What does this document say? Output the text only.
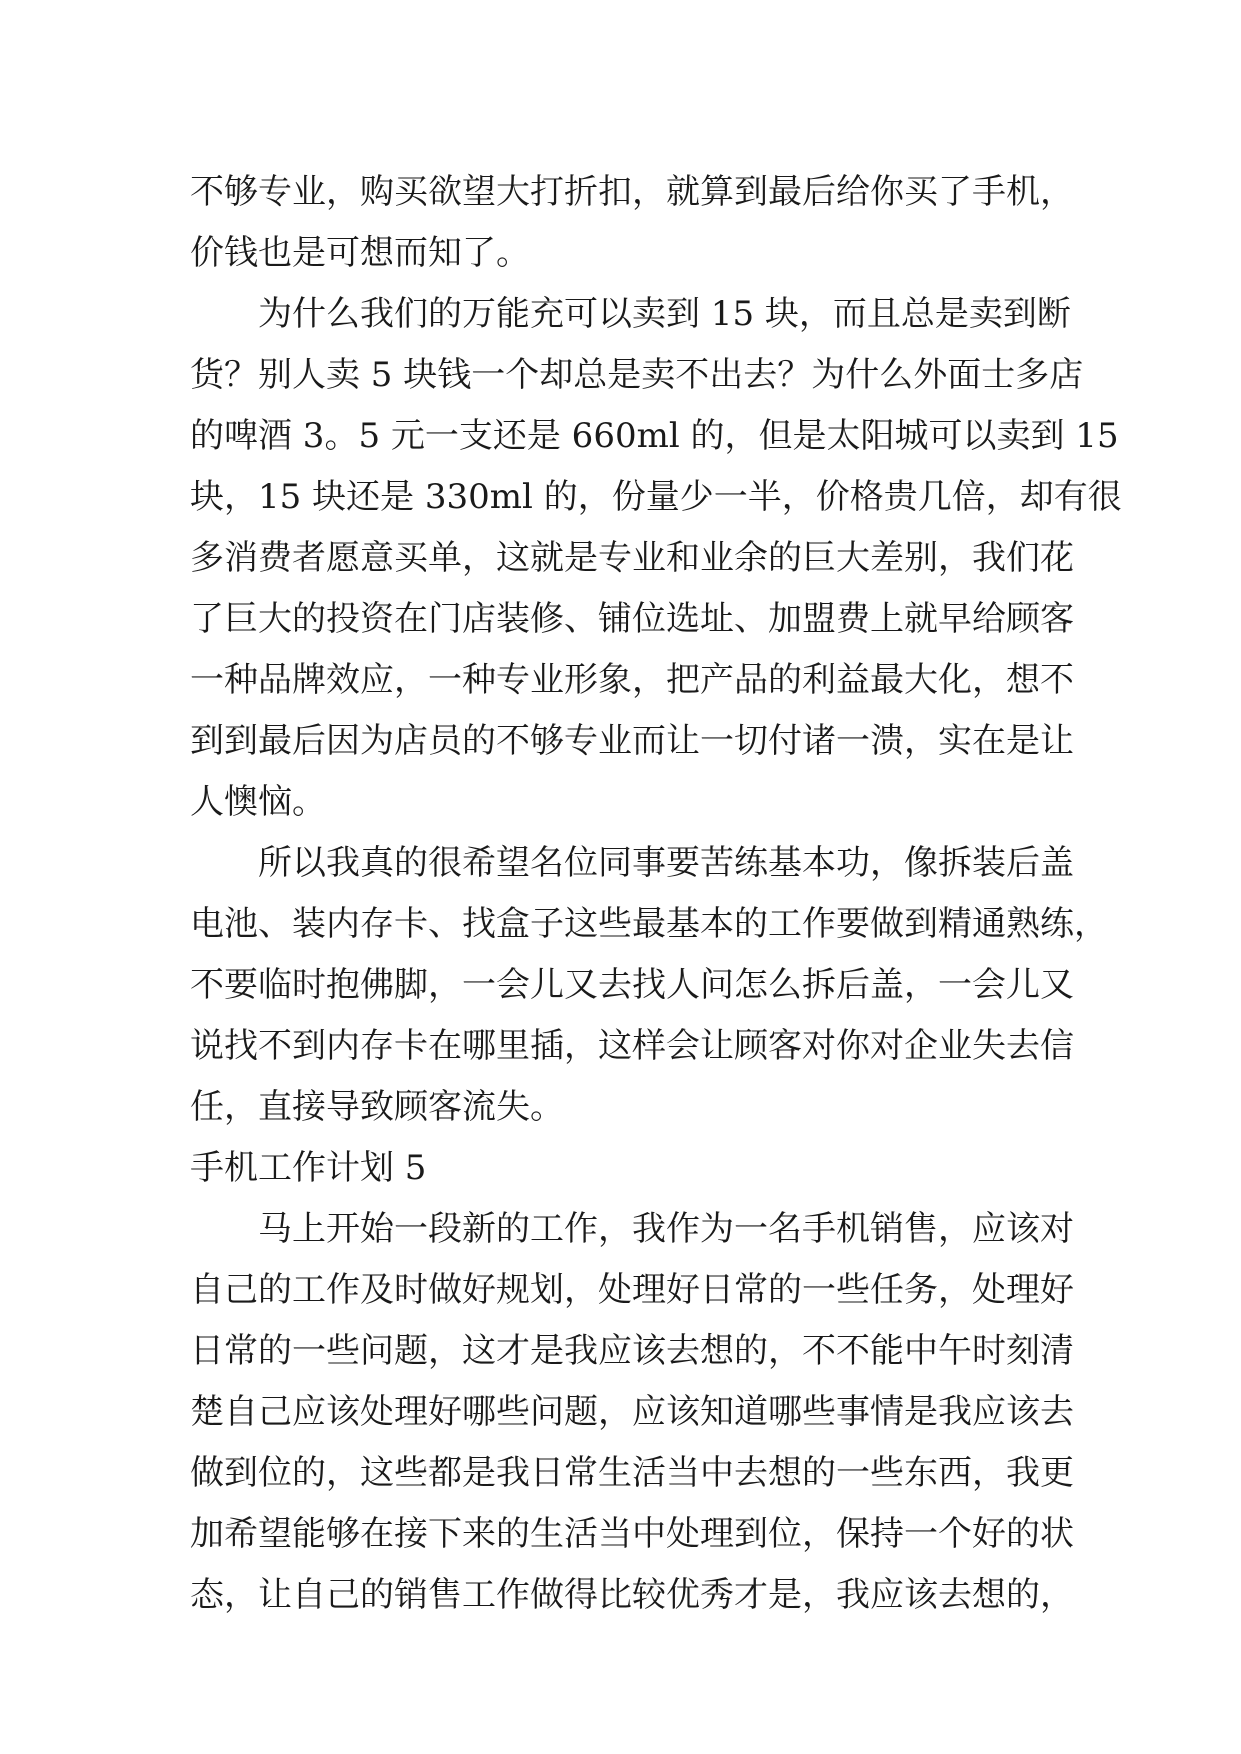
不够专业，购买欲望大打折扣，就算到最后给你买了手机，
价钱也是可想而知了。
为什么我们的万能充可以卖到 15 块，而且总是卖到断
货？别人卖 5 块钱一个却总是卖不出去？为什么外面士多店
的啤酒 3。5 元一支还是 660ml 的，但是太阳城可以卖到 15
块，15 块还是 330ml 的，份量少一半，价格贵几倍，却有很
多消费者愿意买单，这就是专业和业余的巨大差别，我们花
了巨大的投资在门店装修、铺位选址、加盟费上就早给顾客
一种品牌效应，一种专业形象，把产品的利益最大化，想不
到到最后因为店员的不够专业而让一切付诸一溃，实在是让
人懊恼。
所以我真的很希望名位同事要苦练基本功，像拆装后盖
电池、装内存卡、找盒子这些最基本的工作要做到精通熟练，
不要临时抱佛脚，一会儿又去找人问怎么拆后盖，一会儿又
说找不到内存卡在哪里插，这样会让顾客对你对企业失去信
任，直接导致顾客流失。
手机工作计划 5
马上开始一段新的工作，我作为一名手机销售，应该对
自己的工作及时做好规划，处理好日常的一些任务，处理好
日常的一些问题，这才是我应该去想的，不不能中午时刻清
楚自己应该处理好哪些问题，应该知道哪些事情是我应该去
做到位的，这些都是我日常生活当中去想的一些东西，我更
加希望能够在接下来的生活当中处理到位，保持一个好的状
态，让自己的销售工作做得比较优秀才是，我应该去想的，
